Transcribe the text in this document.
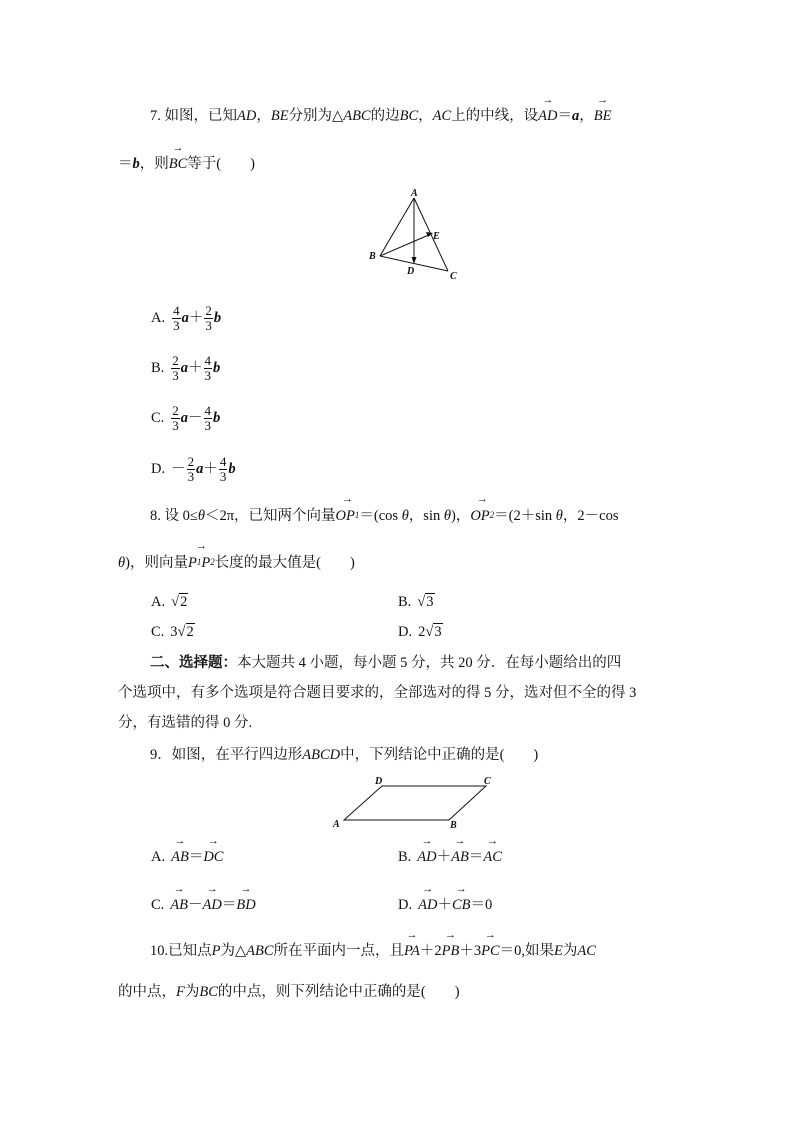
7. 如图，已知AD，BE分别为△ABC的边BC，AC上的中线，设→ AD＝a，→ BE
＝b，则→ BC等于(　　)
A
B
C
D
E
A. $\frac{4}{3} a+ \frac{2}{3}$ b
B. $\frac{2}{3} a+ \frac{4}{3}$ b
C. $\frac{2}{3} a- \frac{4}{3}$ b
D. － $\frac{2}{3} a+ \frac{4}{3}$ b
8. 设 0≤θ＜2π，已知两个向量→ $OP^1=(\cos$ θ，sin θ)，→ $OP^2=(2+\sin$ θ，2－cos
θ)，则向量→ $P^1P^2$长度的最大值是(　　)
A. √2	B. √3
C. 3√2	D. 2√3
二、选择题：本大题共 4 小题，每小题 5 分，共 20 分．在每小题给出的四
个选项中，有多个选项是符合题目要求的，全部选对的得 5 分，选对但不全的得 3
分，有选错的得 0 分.
9．如图，在平行四边形ABCD中，下列结论中正确的是(　　)
A	B
C
D
A. → AB＝→ DC	B. → AD＋→ AB＝→ AC
C. → AB－→ AD＝→ BD	D. → AD＋→ CB＝0
10.已知点P为△ABC所在平面内一点，且→ PA＋2→ PB＋3→ PC＝0,如果E为AC
的中点，F为BC的中点，则下列结论中正确的是(　　)
